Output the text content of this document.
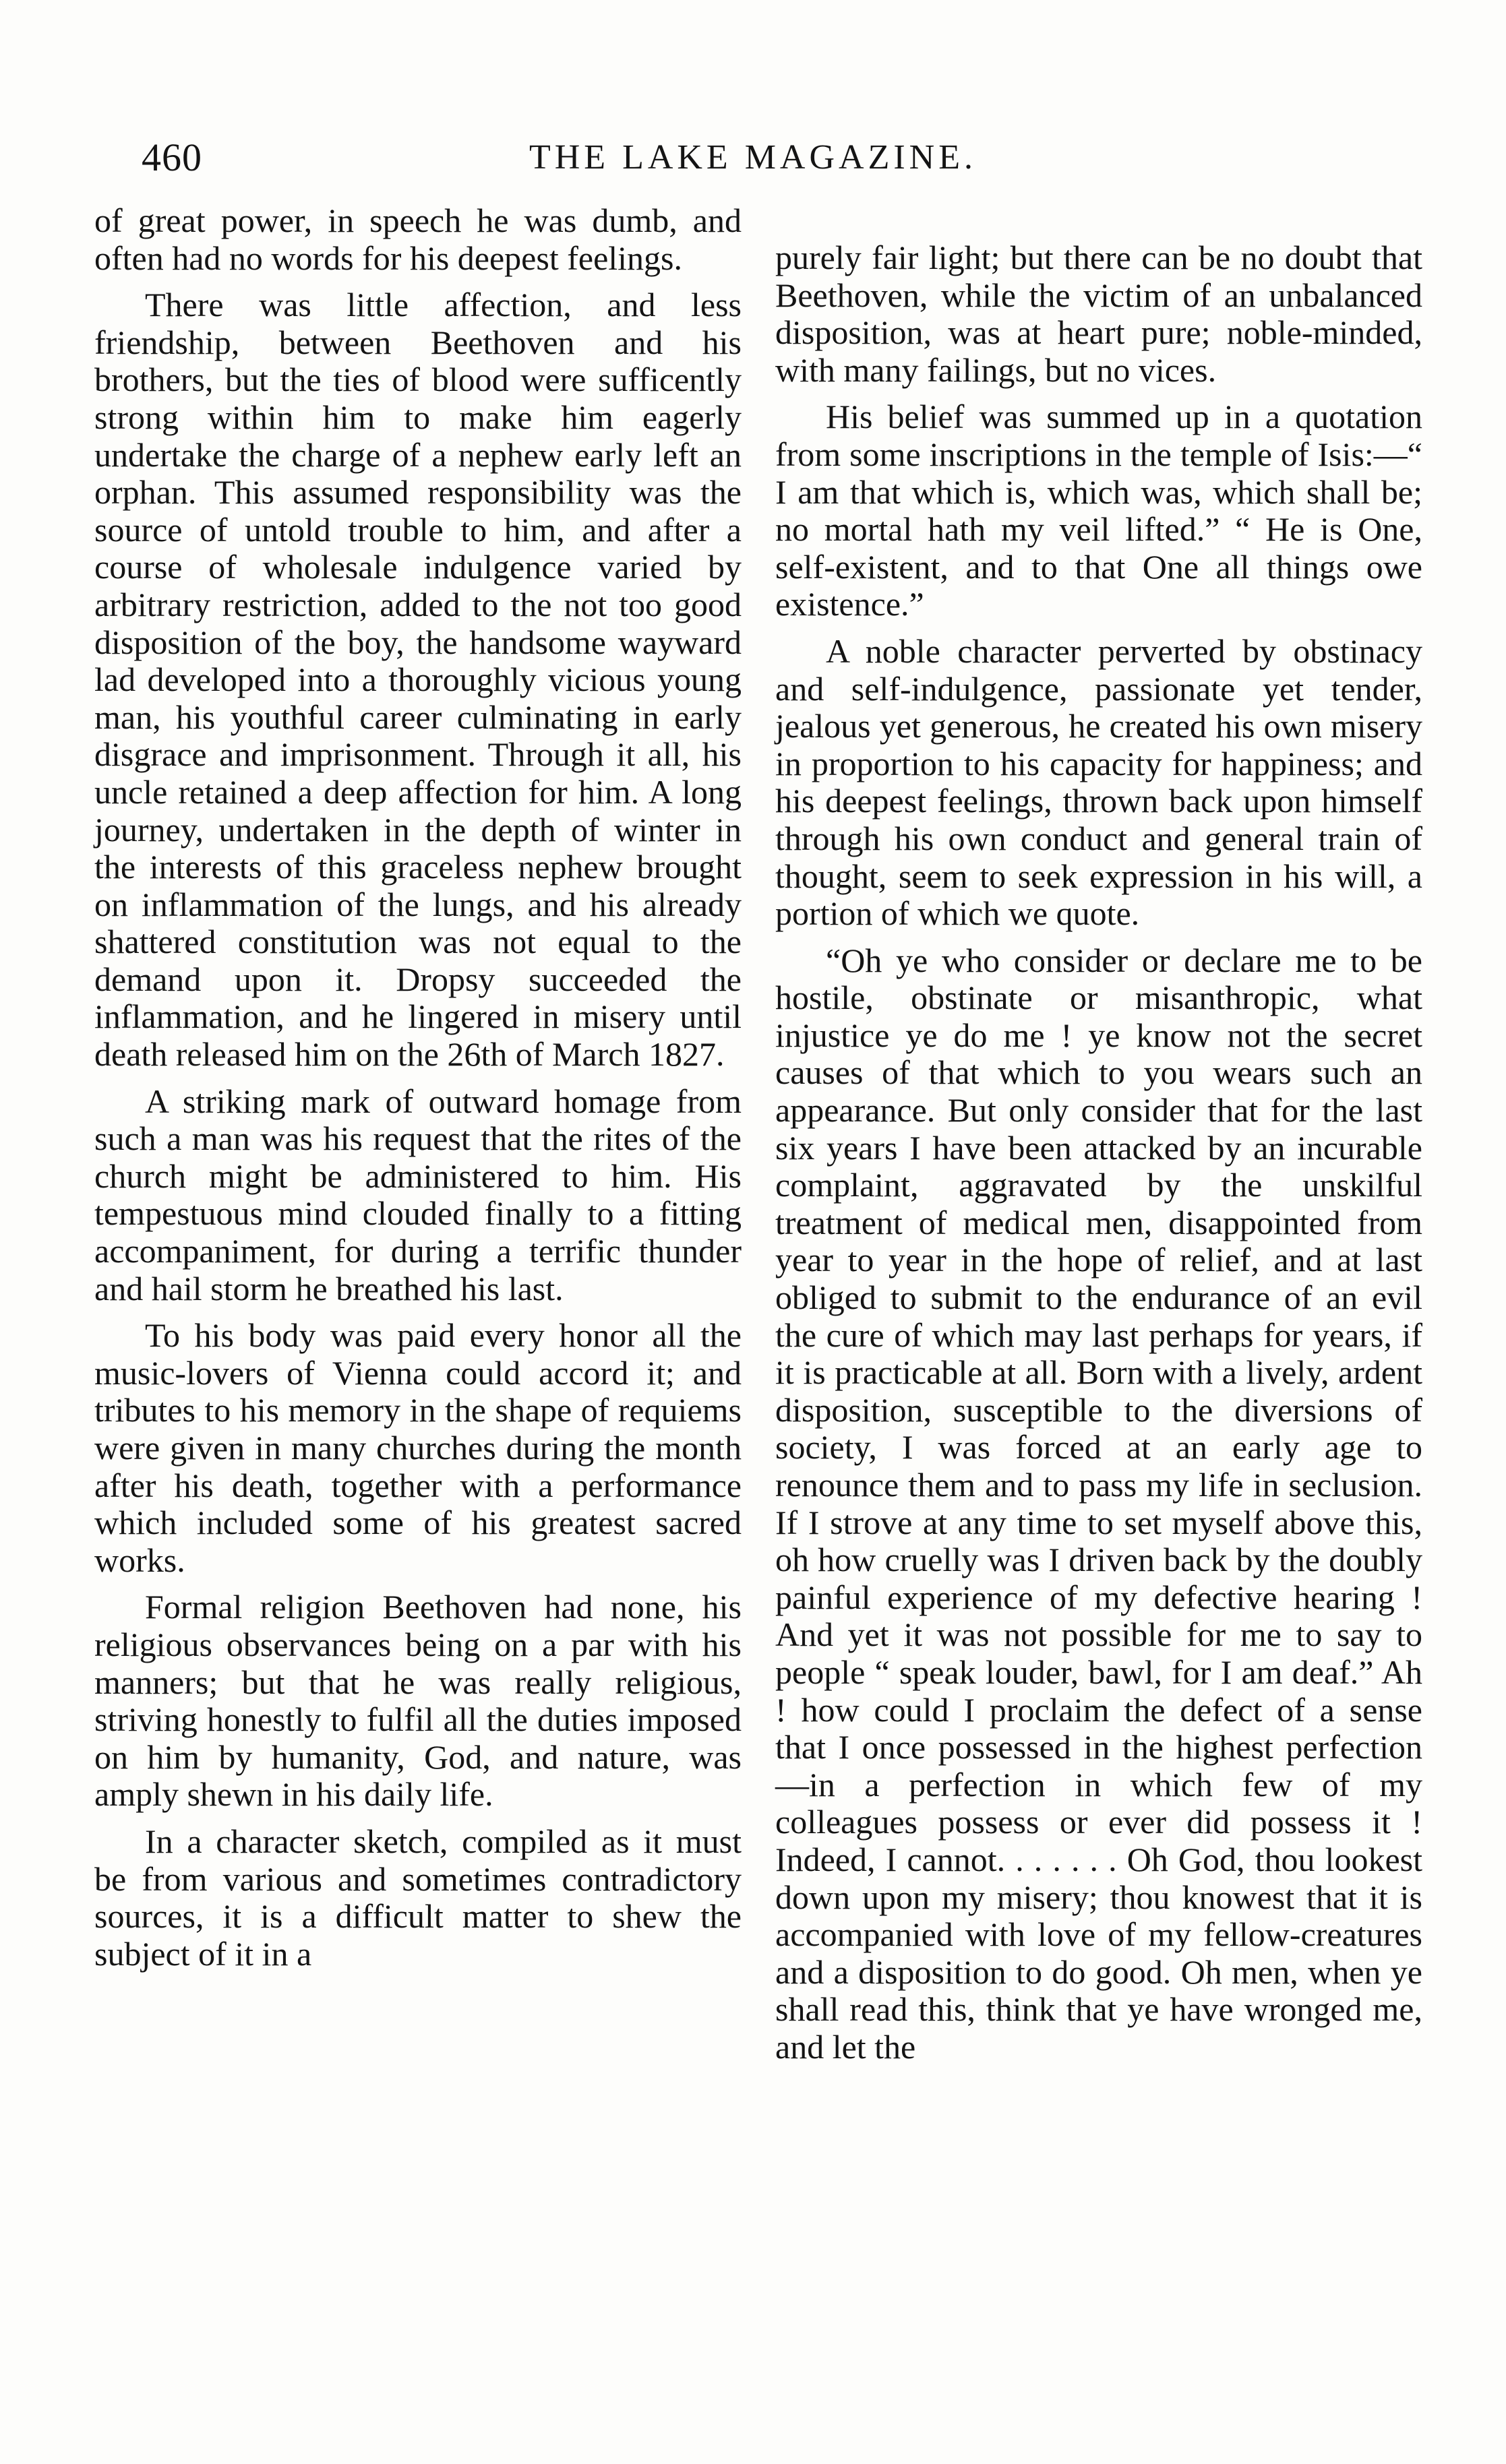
460	THE LAKE MAGAZINE.

of great power, in speech he was dumb, and often had no words for his deepest feelings.

There was little affection, and less friendship, between Beethoven and his brothers, but the ties of blood were sufficently strong within him to make him eagerly undertake the charge of a nephew early left an orphan. This assumed responsibility was the source of untold trouble to him, and after a course of wholesale indulgence varied by arbitrary restriction, added to the not too good disposition of the boy, the handsome wayward lad developed into a thoroughly vicious young man, his youthful career culminating in early disgrace and imprisonment. Through it all, his uncle retained a deep affection for him. A long journey, undertaken in the depth of winter in the interests of this graceless nephew brought on inflammation of the lungs, and his already shattered constitution was not equal to the demand upon it. Dropsy succeeded the inflammation, and he lingered in misery until death released him on the 26th of March 1827.

A striking mark of outward homage from such a man was his request that the rites of the church might be administered to him. His tempestuous mind clouded finally to a fitting accompaniment, for during a terrific thunder and hail storm he breathed his last.

To his body was paid every honor all the music-lovers of Vienna could accord it; and tributes to his memory in the shape of requiems were given in many churches during the month after his death, together with a performance which included some of his greatest sacred works.

Formal religion Beethoven had none, his religious observances being on a par with his manners; but that he was really religious, striving honestly to fulfil all the duties imposed on him by humanity, God, and nature, was amply shewn in his daily life.

In a character sketch, compiled as it must be from various and sometimes contradictory sources, it is a difficult matter to shew the subject of it in a

purely fair light; but there can be no doubt that Beethoven, while the victim of an unbalanced disposition, was at heart pure; noble-minded, with many failings, but no vices.

His belief was summed up in a quotation from some inscriptions in the temple of Isis:—“ I am that which is, which was, which shall be; no mortal hath my veil lifted.” “ He is One, self-existent, and to that One all things owe existence.”

A noble character perverted by obstinacy and self-indulgence, passionate yet tender, jealous yet generous, he created his own misery in proportion to his capacity for happiness; and his deepest feelings, thrown back upon himself through his own conduct and general train of thought, seem to seek expression in his will, a portion of which we quote.

“Oh ye who consider or declare me to be hostile, obstinate or misanthropic, what injustice ye do me ! ye know not the secret causes of that which to you wears such an appearance. But only consider that for the last six years I have been attacked by an incurable complaint, aggravated by the unskilful treatment of medical men, disappointed from year to year in the hope of relief, and at last obliged to submit to the endurance of an evil the cure of which may last perhaps for years, if it is practicable at all. Born with a lively, ardent disposition, susceptible to the diversions of society, I was forced at an early age to renounce them and to pass my life in seclusion. If I strove at any time to set myself above this, oh how cruelly was I driven back by the doubly painful experience of my defective hearing ! And yet it was not possible for me to say to people “ speak louder, bawl, for I am deaf.” Ah ! how could I proclaim the defect of a sense that I once possessed in the highest perfection—in a perfection in which few of my colleagues possess or ever did possess it ! Indeed, I cannot. . . . . . . Oh God, thou lookest down upon my misery; thou knowest that it is accompanied with love of my fellow-creatures and a disposition to do good. Oh men, when ye shall read this, think that ye have wronged me, and let the
